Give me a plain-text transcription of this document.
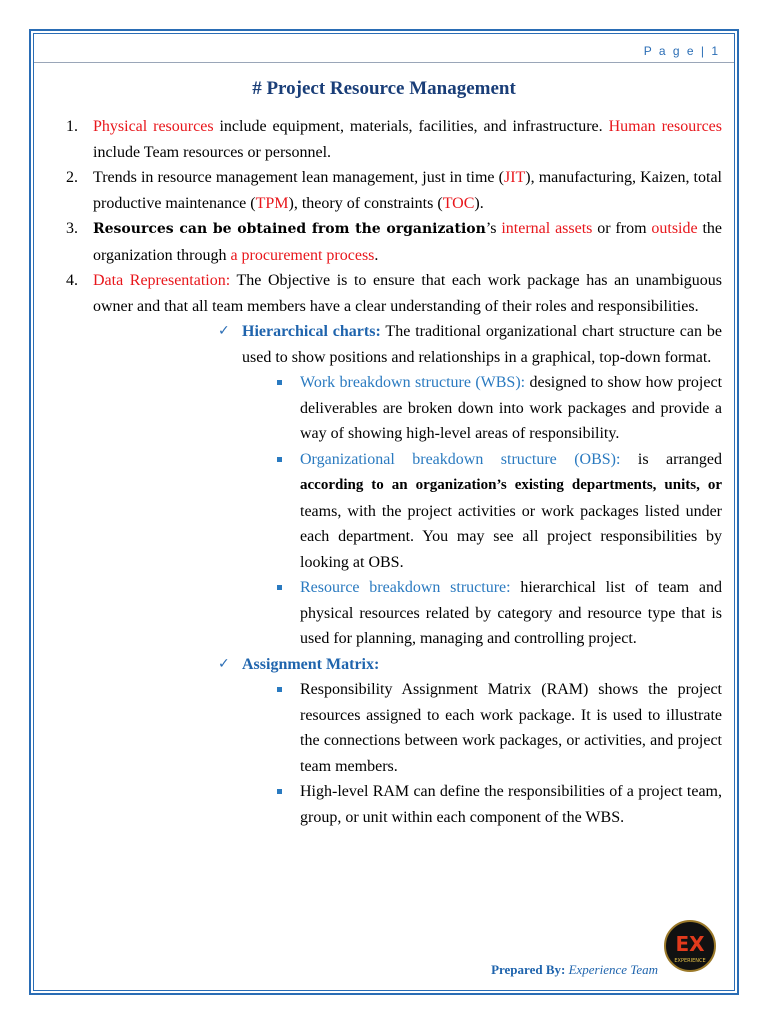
P a g e | 1
# Project Resource Management
1. Physical resources include equipment, materials, facilities, and infrastructure. Human resources include Team resources or personnel.
2. Trends in resource management lean management, just in time (JIT), manufacturing, Kaizen, total productive maintenance (TPM), theory of constraints (TOC).
3. Resources can be obtained from the organization’s internal assets or from outside the organization through a procurement process.
4. Data Representation: The Objective is to ensure that each work package has an unambiguous owner and that all team members have a clear understanding of their roles and responsibilities.
✓ Hierarchical charts: The traditional organizational chart structure can be used to show positions and relationships in a graphical, top-down format.
Work breakdown structure (WBS): designed to show how project deliverables are broken down into work packages and provide a way of showing high-level areas of responsibility.
Organizational breakdown structure (OBS): is arranged according to an organization’s existing departments, units, or teams, with the project activities or work packages listed under each department. You may see all project responsibilities by looking at OBS.
Resource breakdown structure: hierarchical list of team and physical resources related by category and resource type that is used for planning, managing and controlling project.
✓ Assignment Matrix:
Responsibility Assignment Matrix (RAM) shows the project resources assigned to each work package. It is used to illustrate the connections between work packages, or activities, and project team members.
High-level RAM can define the responsibilities of a project team, group, or unit within each component of the WBS.
Prepared By: Experience Team
EX
EXPERIENCE
